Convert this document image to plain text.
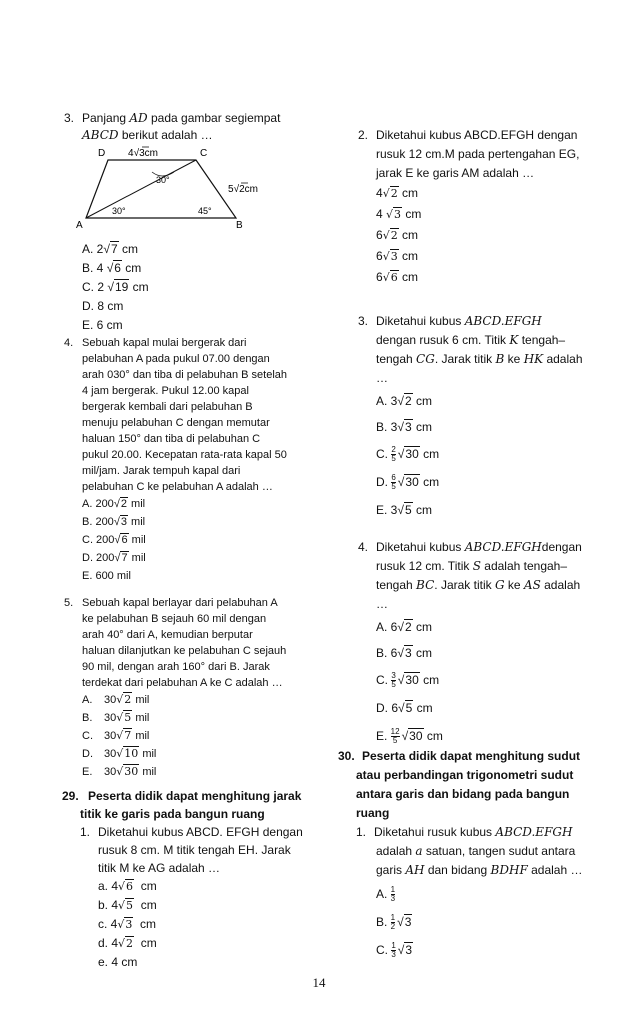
3. Panjang AD pada gambar segiempat
ABCD berikut adalah …
D	C
A	B
4√3cm
5√2cm
30°
30°	45°
A. 2√7 cm
B. 4 √6 cm
C. 2 √19 cm
D. 8 cm
E. 6 cm
4. Sebuah kapal mulai bergerak dari
pelabuhan A pada pukul 07.00 dengan
arah 030° dan tiba di pelabuhan B setelah
4 jam bergerak. Pukul 12.00 kapal
bergerak kembali dari pelabuhan B
menuju pelabuhan C dengan memutar
haluan 150° dan tiba di pelabuhan C
pukul 20.00. Kecepatan rata-rata kapal 50
mil/jam. Jarak tempuh kapal dari
pelabuhan C ke pelabuhan A adalah …
A. 200√2 mil
B. 200√3 mil
C. 200√6 mil
D. 200√7 mil
E. 600 mil
5. Sebuah kapal berlayar dari pelabuhan A
ke pelabuhan B sejauh 60 mil dengan
arah 40° dari A, kemudian berputar
haluan dilanjutkan ke pelabuhan C sejauh
90 mil, dengan arah 160° dari B. Jarak
terdekat dari pelabuhan A ke C adalah …
A. 30√2 mil
B. 30√5 mil
C. 30√7 mil
D. 30√10 mil
E. 30√30 mil
29. Peserta didik dapat menghitung jarak
titik ke garis pada bangun ruang
1. Diketahui kubus ABCD. EFGH dengan
rusuk 8 cm. M titik tengah EH. Jarak
titik M ke AG adalah …
a. 4√6 cm
b. 4√5 cm
c. 4√3 cm
d. 4√2 cm
e. 4 cm
2. Diketahui kubus ABCD.EFGH dengan
rusuk 12 cm.M pada pertengahan EG,
jarak E ke garis AM adalah …
4√2 cm
4 √3 cm
6√2 cm
6√3 cm
6√6 cm
3. Diketahui kubus ABCD.EFGH
dengan rusuk 6 cm. Titik K tengah–
tengah CG. Jarak titik B ke HK adalah
…
A. 3√2 cm
B. 3√3 cm
C. $\frac{2}{5} √30$ cm
D. $\frac{6}{5} √30$ cm
E. 3√5 cm
4. Diketahui kubus ABCD.EFGHdengan
rusuk 12 cm. Titik S adalah tengah–
tengah BC. Jarak titik G ke AS adalah
…
A. 6√2 cm
B. 6√3 cm
C. $\frac{3}{5} √30$ cm
D. 6√5 cm
E. $\frac{12}{5} √30$ cm
30. Peserta didik dapat menghitung sudut
atau perbandingan trigonometri sudut
antara garis dan bidang pada bangun
ruang
1. Diketahui rusuk kubus ABCD.EFGH
adalah a satuan, tangen sudut antara
garis AH dan bidang BDHF adalah …
A. $\frac{1}{3}$
B. $\frac{1}{2} √3$
C. $\frac{1}{3} √3$
14
